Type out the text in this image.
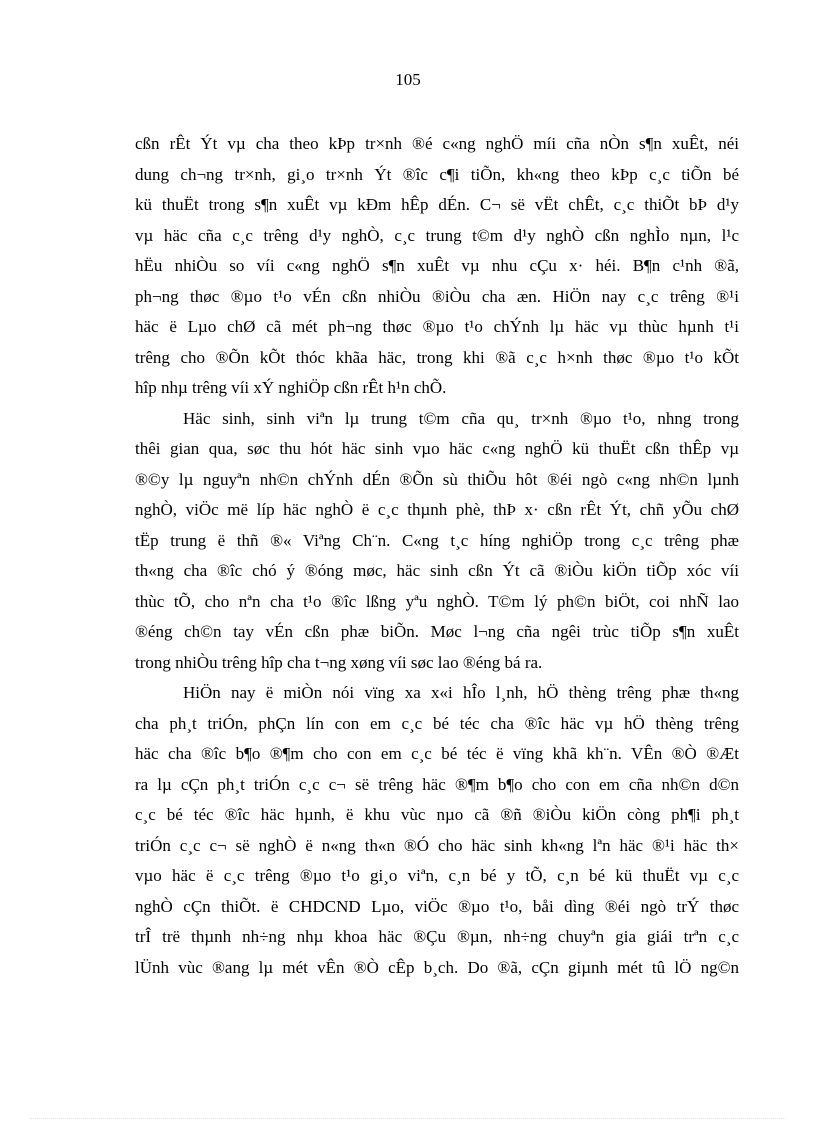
105
cßn rÊt Ýt vµ cha theo kÞp tr×nh ®é c«ng nghÖ míi cña nÒn s¶n xuÊt, néi
dung ch¬ng tr×nh, gi¸o tr×nh Ýt ®îc c¶i tiÕn, kh«ng theo kÞp c¸c tiÕn bé
kü thuËt trong s¶n xuÊt vµ kÐm hÊp dÉn. C¬ së vËt chÊt, c¸c thiÕt bÞ d¹y
vµ häc cña c¸c trêng d¹y nghÒ, c¸c trung t©m d¹y nghÒ cßn nghÌo nµn, l¹c
hËu nhiÒu so víi c«ng nghÖ s¶n xuÊt vµ nhu cÇu x· héi. B¶n c¹nh ®ã,
ph¬ng thøc ®µo t¹o vÉn cßn nhiÒu ®iÒu cha æn. HiÖn nay c¸c trêng ®¹i
häc ë Lµo chØ cã mét ph¬ng thøc ®µo t¹o chÝnh lµ häc vµ thùc hµnh t¹i
trêng cho ®Õn kÕt thóc khãa häc, trong khi ®ã c¸c h×nh thøc ®µo t¹o kÕt
hîp nhµ trêng víi xÝ nghiÖp cßn rÊt h¹n chÕ.
Häc sinh, sinh viªn lµ trung t©m cña qu¸ tr×nh ®µo t¹o, nhng trong
thêi gian qua, søc thu hót häc sinh vµo häc c«ng nghÖ kü thuËt cßn thÊp vµ
®©y lµ nguyªn nh©n chÝnh dÉn ®Õn sù thiÕu hôt ®éi ngò c«ng nh©n lµnh
nghÒ, viÖc më líp häc nghÒ ë c¸c thµnh phè, thÞ x· cßn rÊt Ýt, chñ yÕu chØ
tËp trung ë thñ ®« Viªng Ch¨n. C«ng t¸c híng nghiÖp trong c¸c trêng phæ
th«ng cha ®îc chó ý ®óng møc, häc sinh cßn Ýt cã ®iÒu kiÖn tiÕp xóc víi
thùc tÕ, cho nªn cha t¹o ®îc lßng yªu nghÒ. T©m lý ph©n biÖt, coi nhÑ lao
®éng ch©n tay vÉn cßn phæ biÕn. Møc l¬ng cña ngêi trùc tiÕp s¶n xuÊt
trong nhiÒu trêng hîp cha t¬ng xøng víi søc lao ®éng bá ra.
HiÖn nay ë miÒn nói vïng xa x«i hÎo l¸nh, hÖ thèng trêng phæ th«ng
cha ph¸t triÓn, phÇn lín con em c¸c bé téc cha ®îc häc vµ hÖ thèng trêng
häc cha ®îc b¶o ®¶m cho con em c¸c bé téc ë vïng khã kh¨n. VÊn ®Ò ®Æt
ra lµ cÇn ph¸t triÓn c¸c c¬ së trêng häc ®¶m b¶o cho con em cña nh©n d©n
c¸c bé téc ®îc häc hµnh, ë khu vùc nµo cã ®ñ ®iÒu kiÖn còng ph¶i ph¸t
triÓn c¸c c¬ së nghÒ ë n«ng th«n ®Ó cho häc sinh kh«ng lªn häc ®¹i häc th×
vµo häc ë c¸c trêng ®µo t¹o gi¸o viªn, c¸n bé y tÕ, c¸n bé kü thuËt vµ c¸c
nghÒ cÇn thiÕt. ë CHDCND Lµo, viÖc ®µo t¹o, båi dìng ®éi ngò trÝ thøc
trÎ trë thµnh nh÷ng nhµ khoa häc ®Çu ®µn, nh÷ng chuyªn gia giái trªn c¸c
lÜnh vùc ®ang lµ mét vÊn ®Ò cÊp b¸ch. Do ®ã, cÇn giµnh mét tû lÖ ng©n
